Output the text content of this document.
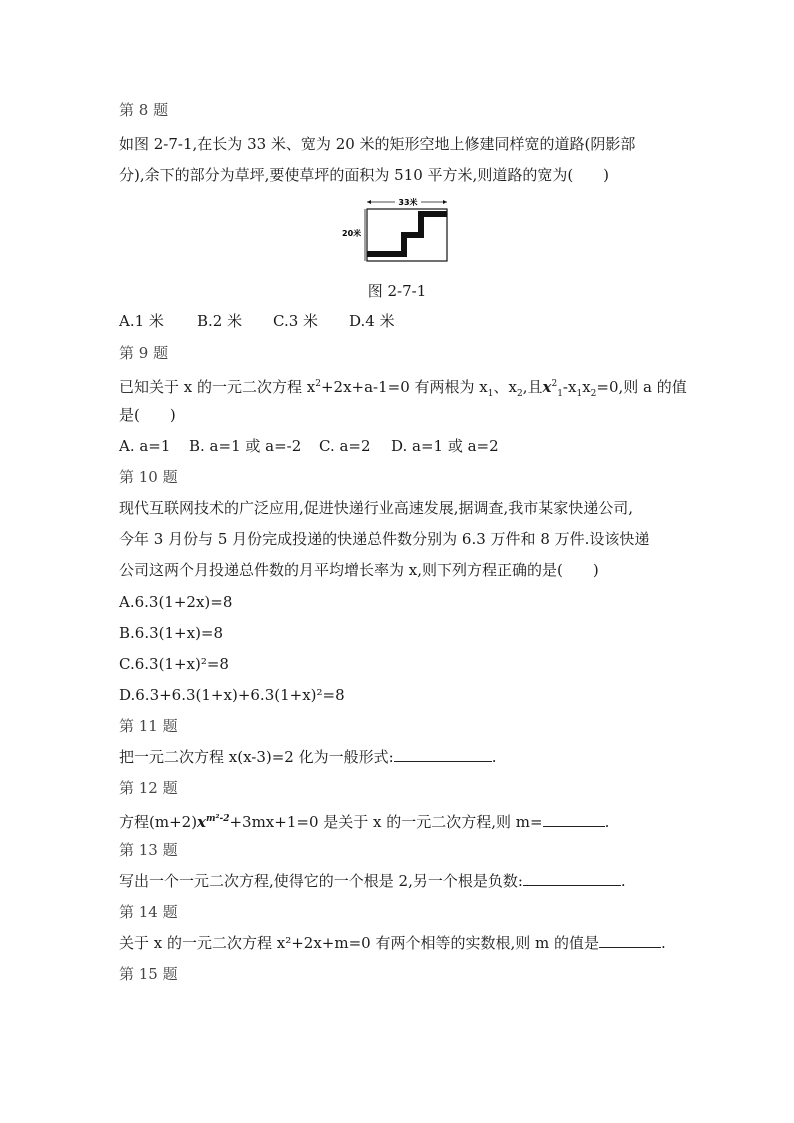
第 8 题
如图 2-7-1,在长为 33 米、宽为 20 米的矩形空地上修建同样宽的道路(阴影部
分),余下的部分为草坪,要使草坪的面积为 510 平方米,则道路的宽为(　　)
33米
20米
图 2-7-1
A.1 米 B.2 米 C.3 米 D.4 米
第 9 题
已知关于 x 的一元二次方程 $x^2+2x+a-1=0$ 有两根为 $x_1$、$x_2$,且$x^2_1-x_1x_2=0$,则 a 的值
是(　　)
A. a=1 B. a=1 或 a=-2 C. a=2 D. a=1 或 a=2
第 10 题
现代互联网技术的广泛应用,促进快递行业高速发展,据调查,我市某家快递公司,
今年 3 月份与 5 月份完成投递的快递总件数分别为 6.3 万件和 8 万件.设该快递
公司这两个月投递总件数的月平均增长率为 x,则下列方程正确的是(　　)
A.6.3(1+2x)=8
B.6.3(1+x)=8
C.6.3(1+x)²=8
D.6.3+6.3(1+x)+6.3(1+x)²=8
第 11 题
把一元二次方程 x(x-3)=2 化为一般形式:	.
第 12 题
方程$(m+2)x^{m^2-2}+3mx+1=0$ 是关于 x 的一元二次方程,则 m=	.
第 13 题
写出一个一元二次方程,使得它的一个根是 2,另一个根是负数:	.
第 14 题
关于 x 的一元二次方程 x²+2x+m=0 有两个相等的实数根,则 m 的值是	.
第 15 题
